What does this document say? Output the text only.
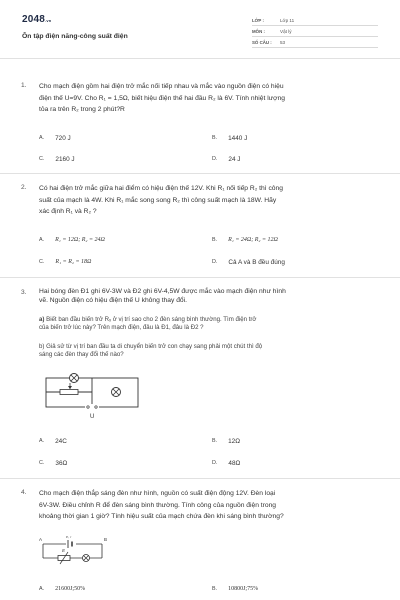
2048.vn
Ôn tập điện năng-công suất điện
LỚP :	Lớp 11
MÔN :	Vật lý
SỐ CÂU :	53
1. Cho mạch điện gồm hai điện trở mắc nối tiếp nhau và mắc vào nguồn điện có hiệu
điện thế U=9V. Cho R₁ = 1,5Ω, biết hiệu điện thế hai đầu R₂ là 6V. Tính nhiệt lượng
tỏa ra trên R₂ trong 2 phút?R
A. 720 J	B. 1440 J
C. 2160 J	D. 24 J
2. Có hai điện trở mắc giữa hai điểm có hiệu điện thế 12V. Khi R₁ nối tiếp R₂ thì công
suất của mạch là 4W. Khi R₁ mắc song song R₂ thì công suất mạch là 18W. Hãy
xác định R₁ và R₂ ?
A. R₁ = 12Ω; R₂ = 24Ω	B. R₁ = 24Ω; R₂ = 12Ω
C. R₁ = R₂ = 18Ω	D. Cả A và B đều đúng
3. Hai bóng đèn Đ1 ghi 6V-3W và Đ2 ghi 6V-4,5W được mắc vào mạch điện như hình
vẽ. Nguồn điện có hiệu điện thế U không thay đổi.
a) Biết ban đầu biến trở Rₓ ở vị trí sao cho 2 đèn sáng bình thường. Tìm điện trở
của biến trở lúc này? Trên mạch điện, đâu là Đ1, đâu là Đ2 ?
b) Giả sử từ vị trí ban đầu ta di chuyển biến trở con chạy sang phải một chút thì độ
sáng các đèn thay đổi thế nào?
U
A. 24C	B. 12Ω
C. 36Ω	D. 48Ω
4. Cho mạch điện thắp sáng đèn như hình, nguồn có suất điện động 12V. Đèn loại
6V-3W. Điều chỉnh R để đèn sáng bình thường. Tính công của nguồn điện trong
khoảng thời gian 1 giờ? Tính hiệu suất của mạch chứa đèn khi sáng bình thường?
A	B
R
E, r
A. 21600J;50%	B. 10800J;75%
